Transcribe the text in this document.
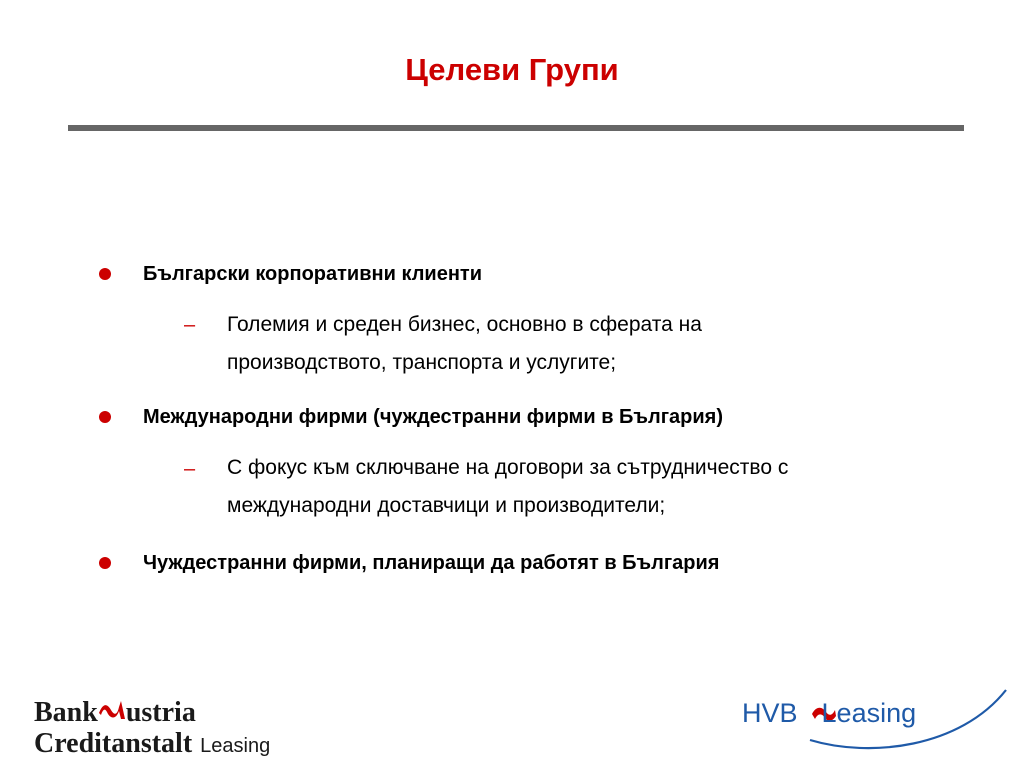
Целеви Групи
Български корпоративни клиенти
– Големия и среден бизнес, основно в сферата на производството, транспорта и услугите;
Международни фирми (чуждестранни фирми в България)
– С фокус към сключване на договори за сътрудничество с международни доставчици и производители;
Чуждестранни фирми, планиращи да работят в България
Bank ustria
Creditanstalt Leasing
HVB Leasing
